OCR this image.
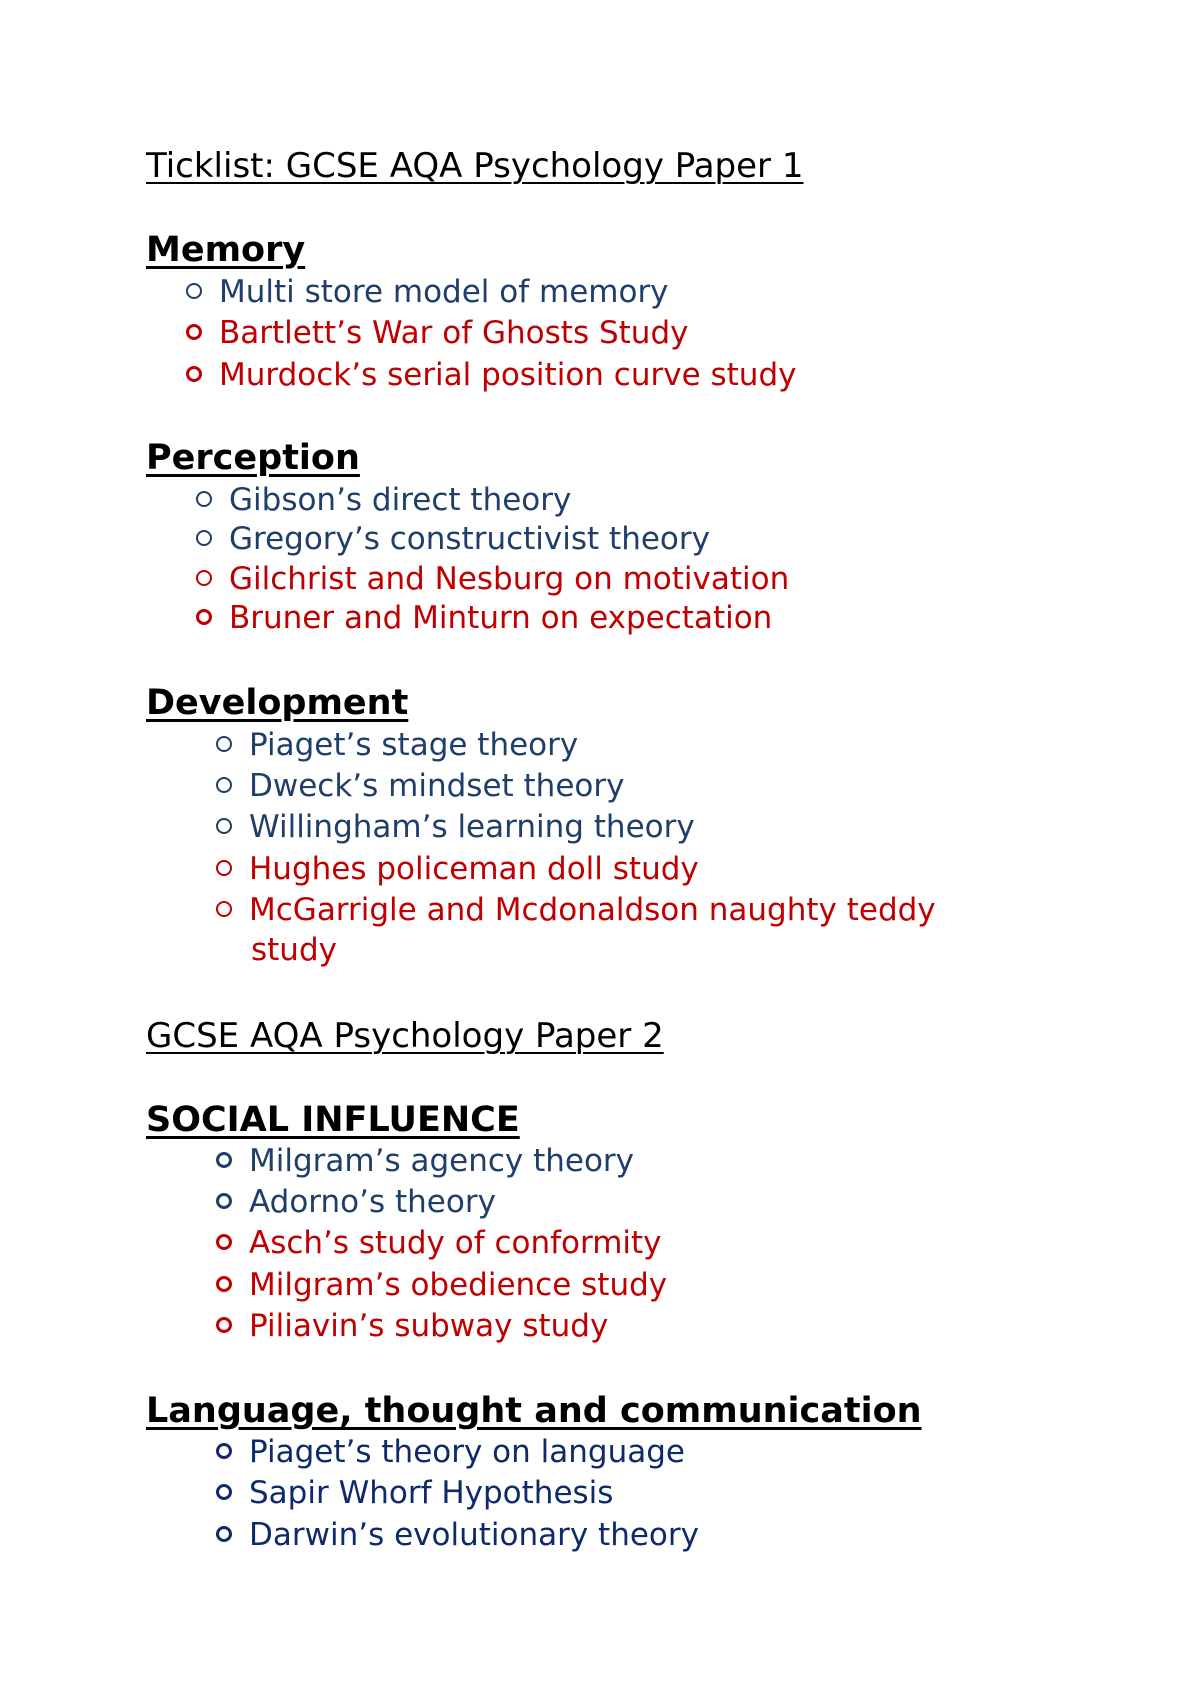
Ticklist: GCSE AQA Psychology Paper 1
Memory
Multi store model of memory
Bartlett’s War of Ghosts Study
Murdock’s serial position curve study
Perception
Gibson’s direct theory
Gregory’s constructivist theory
Gilchrist and Nesburg on motivation
Bruner and Minturn on expectation
Development
Piaget’s stage theory
Dweck’s mindset theory
Willingham’s learning theory
Hughes policeman doll study
McGarrigle and Mcdonaldson naughty teddy
study
GCSE AQA Psychology Paper 2
SOCIAL INFLUENCE
Milgram’s agency theory
Adorno’s theory
Asch’s study of conformity
Milgram’s obedience study
Piliavin’s subway study
Language, thought and communication
Piaget’s theory on language
Sapir Whorf Hypothesis
Darwin’s evolutionary theory
